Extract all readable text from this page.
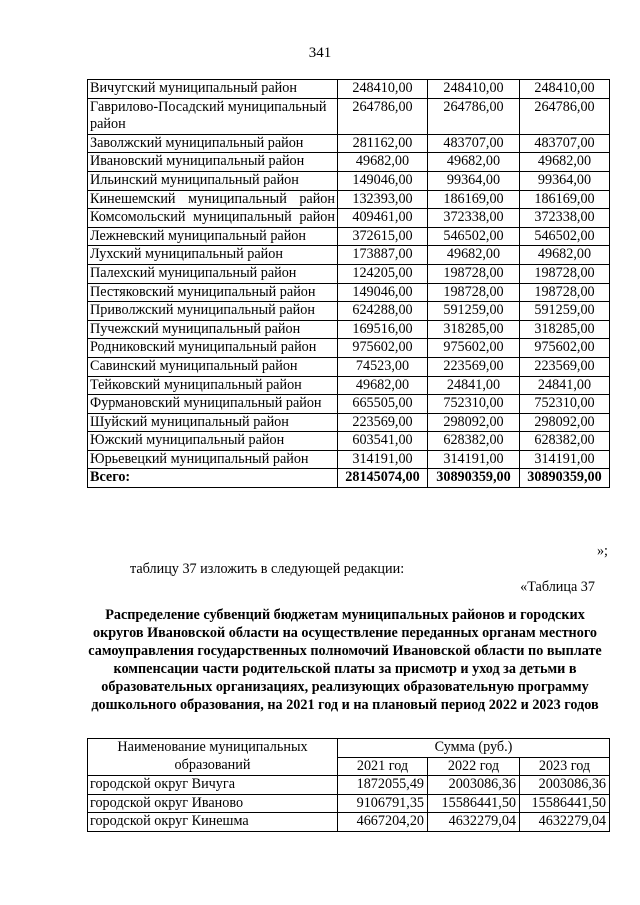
341
Вичугский муниципальный район	248410,00	248410,00	248410,00
Гаврилово-Посадский муниципальный район	264786,00	264786,00	264786,00
Заволжский муниципальный район	281162,00	483707,00	483707,00
Ивановский муниципальный район	49682,00	49682,00	49682,00
Ильинский муниципальный район	149046,00	99364,00	99364,00
Кинешемский муниципальный район	132393,00	186169,00	186169,00
Комсомольский муниципальный район	409461,00	372338,00	372338,00
Лежневский муниципальный район	372615,00	546502,00	546502,00
Лухский муниципальный район	173887,00	49682,00	49682,00
Палехский муниципальный район	124205,00	198728,00	198728,00
Пестяковский муниципальный район	149046,00	198728,00	198728,00
Приволжский муниципальный район	624288,00	591259,00	591259,00
Пучежский муниципальный район	169516,00	318285,00	318285,00
Родниковский муниципальный район	975602,00	975602,00	975602,00
Савинский муниципальный район	74523,00	223569,00	223569,00
Тейковский муниципальный район	49682,00	24841,00	24841,00
Фурмановский муниципальный район	665505,00	752310,00	752310,00
Шуйский муниципальный район	223569,00	298092,00	298092,00
Южский муниципальный район	603541,00	628382,00	628382,00
Юрьевецкий муниципальный район	314191,00	314191,00	314191,00
Всего:	28145074,00	30890359,00	30890359,00
»;
таблицу 37 изложить в следующей редакции:
«Таблица 37
Распределение субвенций бюджетам муниципальных районов и городских округов Ивановской области на осуществление переданных органам местного самоуправления государственных полномочий Ивановской области по выплате компенсации части родительской платы за присмотр и уход за детьми в образовательных организациях, реализующих образовательную программу дошкольного образования, на 2021 год и на плановый период 2022 и 2023 годов
Наименование муниципальных образований	Сумма (руб.)		
	2021 год	2022 год	2023 год
городской округ Вичуга	1872055,49	2003086,36	2003086,36
городской округ Иваново	9106791,35	15586441,50	15586441,50
городской округ Кинешма	4667204,20	4632279,04	4632279,04
